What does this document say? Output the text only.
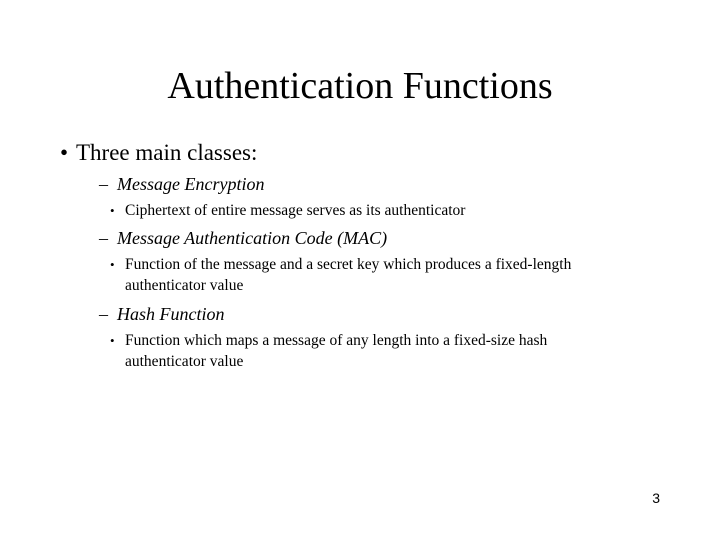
Authentication Functions
• Three main classes:
– Message Encryption
• Ciphertext of entire message serves as its authenticator
– Message Authentication Code (MAC)
• Function of the message and a secret key which produces a fixed-length authenticator value
– Hash Function
• Function which maps a message of any length into a fixed-size hash authenticator value
3
